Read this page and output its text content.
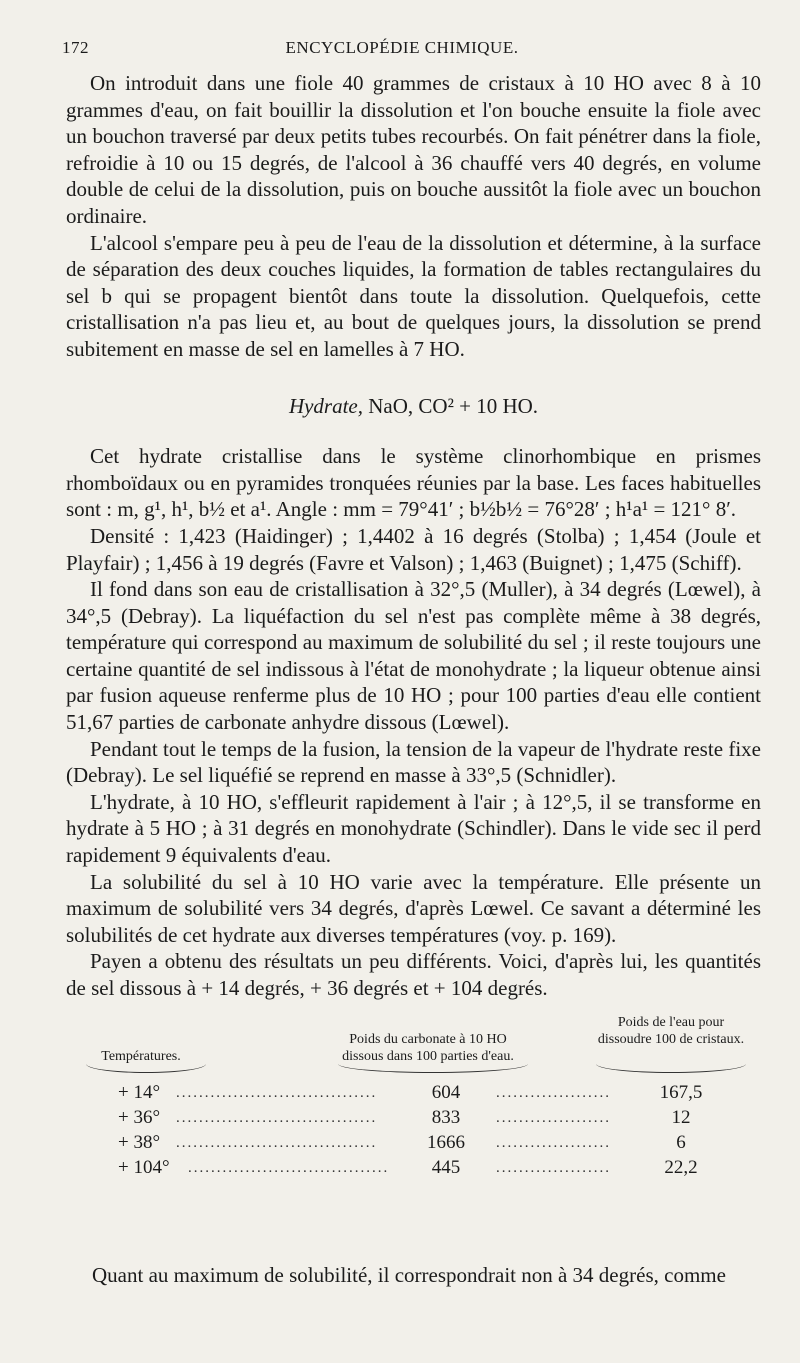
172	ENCYCLOPÉDIE CHIMIQUE.

On introduit dans une fiole 40 grammes de cristaux à 10 HO avec 8 à 10 grammes d'eau, on fait bouillir la dissolution et l'on bouche ensuite la fiole avec un bouchon traversé par deux petits tubes recourbés. On fait pénétrer dans la fiole, refroidie à 10 ou 15 degrés, de l'alcool à 36 chauffé vers 40 degrés, en volume double de celui de la dissolution, puis on bouche aussitôt la fiole avec un bouchon ordinaire.

L'alcool s'empare peu à peu de l'eau de la dissolution et détermine, à la surface de séparation des deux couches liquides, la formation de tables rectangulaires du sel b qui se propagent bientôt dans toute la dissolution. Quelquefois, cette cristallisation n'a pas lieu et, au bout de quelques jours, la dissolution se prend subitement en masse de sel en lamelles à 7 HO.

Hydrate, NaO, CO² + 10 HO.

Cet hydrate cristallise dans le système clinorhombique en prismes rhomboïdaux ou en pyramides tronquées réunies par la base. Les faces habituelles sont : m, g¹, h¹, b½ et a¹. Angle : mm = 79°41′ ; b½b½ = 76°28′ ; h¹a¹ = 121° 8′.

Densité : 1,423 (Haidinger) ; 1,4402 à 16 degrés (Stolba) ; 1,454 (Joule et Playfair) ; 1,456 à 19 degrés (Favre et Valson) ; 1,463 (Buignet) ; 1,475 (Schiff).

Il fond dans son eau de cristallisation à 32°,5 (Muller), à 34 degrés (Lœwel), à 34°,5 (Debray). La liquéfaction du sel n'est pas complète même à 38 degrés, température qui correspond au maximum de solubilité du sel ; il reste toujours une certaine quantité de sel indissous à l'état de monohydrate ; la liqueur obtenue ainsi par fusion aqueuse renferme plus de 10 HO ; pour 100 parties d'eau elle contient 51,67 parties de carbonate anhydre dissous (Lœwel).

Pendant tout le temps de la fusion, la tension de la vapeur de l'hydrate reste fixe (Debray). Le sel liquéfié se reprend en masse à 33°,5 (Schnidler).

L'hydrate, à 10 HO, s'effleurit rapidement à l'air ; à 12°,5, il se transforme en hydrate à 5 HO ; à 31 degrés en monohydrate (Schindler). Dans le vide sec il perd rapidement 9 équivalents d'eau.

La solubilité du sel à 10 HO varie avec la température. Elle présente un maximum de solubilité vers 34 degrés, d'après Lœwel. Ce savant a déterminé les solubilités de cet hydrate aux diverses températures (voy. p. 169).

Payen a obtenu des résultats un peu différents. Voici, d'après lui, les quantités de sel dissous à + 14 degrés, + 36 degrés et + 104 degrés.

Températures.
Poids du carbonate à 10 HO dissous dans 100 parties d'eau.
Poids de l'eau pour dissoudre 100 de cristaux.
+ 14° ...................................	604	....................	167,5
+ 36° ...................................	833	....................	12
+ 38° ...................................	1666	....................	6
+ 104° ...................................	445	....................	22,2
Quant au maximum de solubilité, il correspondrait non à 34 degrés, comme
